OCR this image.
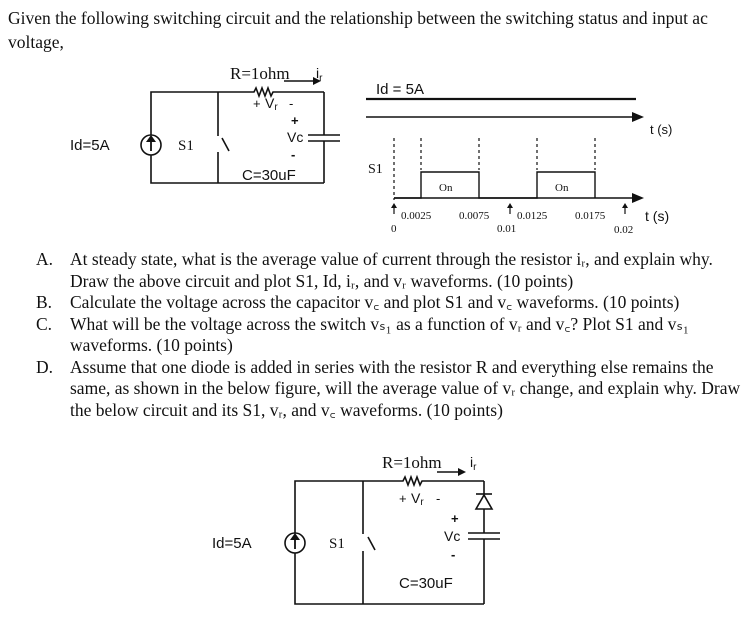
Given the following switching circuit and the relationship between the switching status and input ac voltage,
R=1ohm $i_r$
+ Vr -
+
Vc
-
Id=5A	S1
C=30uF
Id = 5A
t (s)
S1
On	On
0.0025	0.0075	0.0125	0.0175
0	0.01	0.02
t (s)
A. At steady state, what is the average value of current through the resistor iᵣ, and explain why. Draw the above circuit and plot S1, Id, iᵣ, and vᵣ waveforms. (10 points)
B. Calculate the voltage across the capacitor v꜀ and plot S1 and v꜀ waveforms. (10 points)
C. What will be the voltage across the switch vₛ₁ as a function of vᵣ and v꜀? Plot S1 and vₛ₁ waveforms. (10 points)
D. Assume that one diode is added in series with the resistor R and everything else remains the same, as shown in the below figure, will the average value of vᵣ change, and explain why. Draw the below circuit and its S1, vᵣ, and v꜀ waveforms. (10 points)
R=1ohm $i_r$
+ Vr -
+
Vc
-
Id=5A	S1
C=30uF
